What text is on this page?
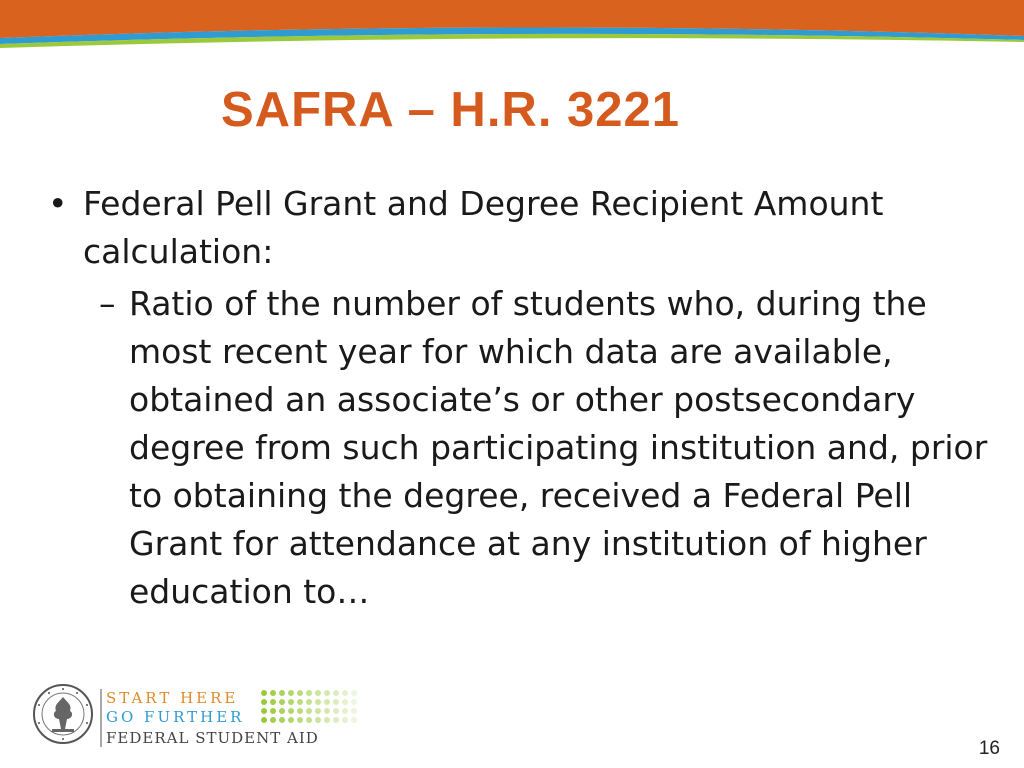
SAFRA – H.R. 3221
• Federal Pell Grant and Degree Recipient Amount calculation:
– Ratio of the number of students who, during the most recent year for which data are available, obtained an associate’s or other postsecondary degree from such participating institution and, prior to obtaining the degree, received a Federal Pell Grant for attendance at any institution of higher education to…
START HERE
GO FURTHER
FEDERAL STUDENT AID	16
